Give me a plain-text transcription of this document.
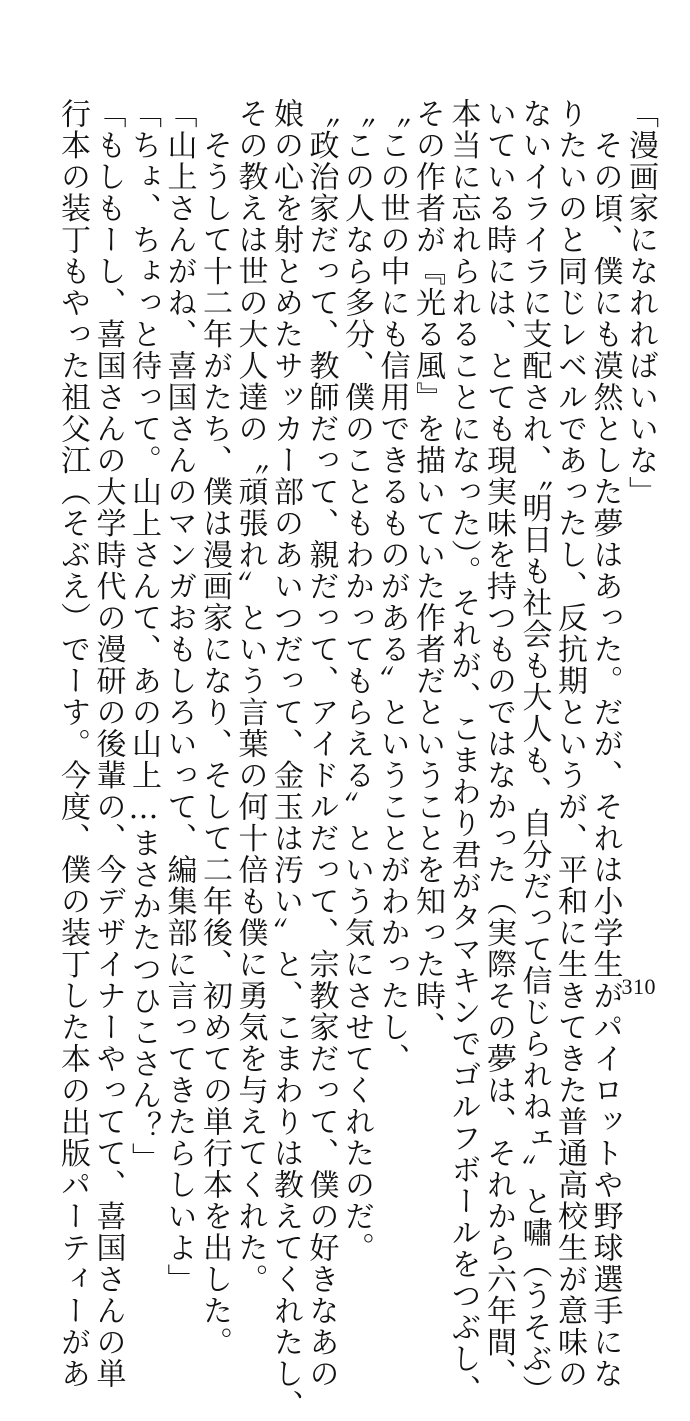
「漫画家になれればいいな」
　その頃、僕にも漠然とした夢はあった。だが、それは小学生がパイロットや野球選手にな
りたいのと同じレベルであったし、反抗期というが、平和に生きてきた普通高校生が意味の
ないイライラに支配され、〝明日も社会も大人も、自分だって信じられねェ〟と嘯（うそぶ）
いている時には、とても現実味を持つものではなかった（実際その夢は、それから六年間、
本当に忘れられることになった）。それが、こまわり君がタマキンでゴルフボールをつぶし、
その作者が『光る風』を描いていた作者だということを知った時、
〝この世の中にも信用できるものがある〟ということがわかったし、
〝この人なら多分、僕のこともわかってもらえる〟という気にさせてくれたのだ。
〝政治家だって、教師だって、親だって、アイドルだって、宗教家だって、僕の好きなあの
娘の心を射とめたサッカー部のあいつだって、金玉は汚い〟と、こまわりは教えてくれたし、
その教えは世の大人達の〝頑張れ〟という言葉の何十倍も僕に勇気を与えてくれた。
　そうして十二年がたち、僕は漫画家になり、そして二年後、初めての単行本を出した。
「山上さんがね、喜国さんのマンガおもしろいって、編集部に言ってきたらしいよ」
「ちょ、ちょっと待って。山上さんて、あの山上…まさかたつひこさん？」
「もしもーし、喜国さんの大学時代の漫研の後輩の、今デザイナーやってて、喜国さんの単
行本の装丁もやった祖父江（そぶえ）でーす。今度、僕の装丁した本の出版パーティーがあ	310
